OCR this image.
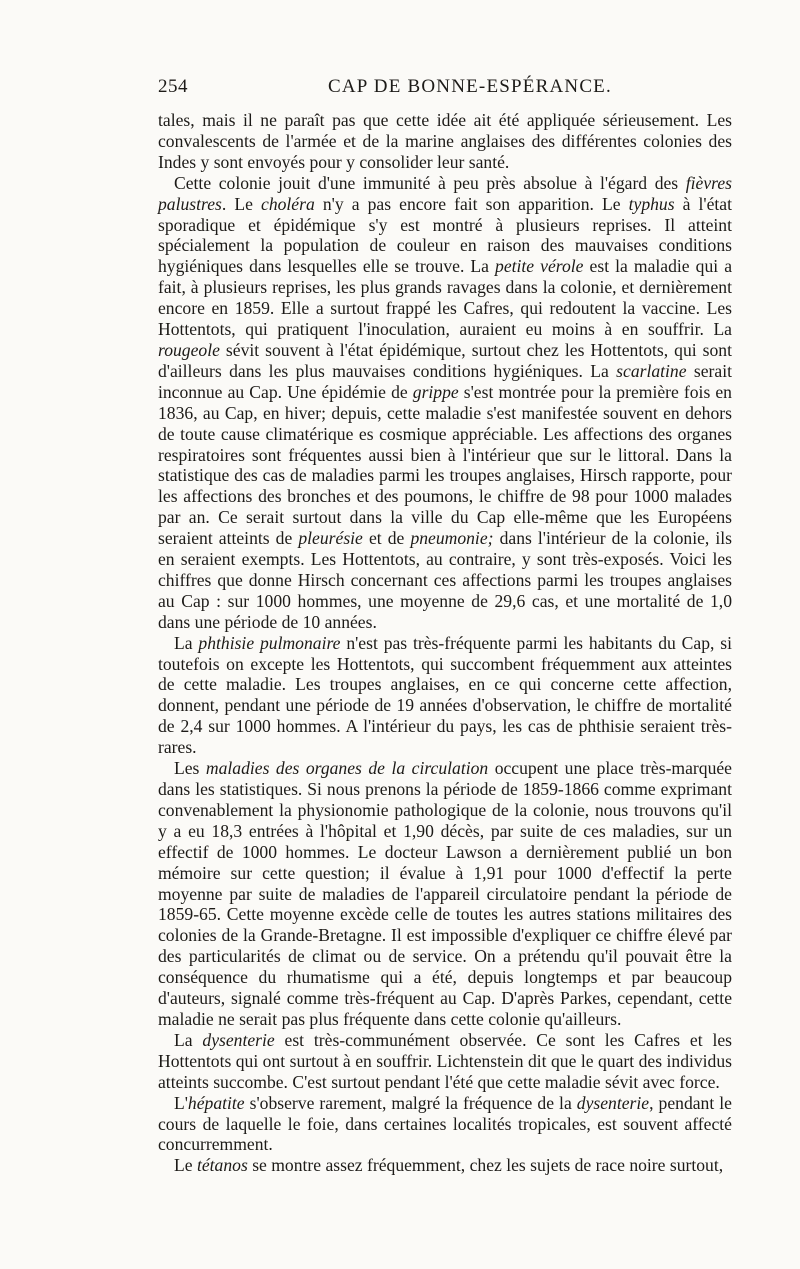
254	CAP DE BONNE-ESPÉRANCE.

tales, mais il ne paraît pas que cette idée ait été appliquée sérieusement. Les convalescents de l'armée et de la marine anglaises des différentes colonies des Indes y sont envoyés pour y consolider leur santé.

Cette colonie jouit d'une immunité à peu près absolue à l'égard des fièvres palustres. Le choléra n'y a pas encore fait son apparition. Le typhus à l'état sporadique et épidémique s'y est montré à plusieurs reprises. Il atteint spécialement la population de couleur en raison des mauvaises conditions hygiéniques dans lesquelles elle se trouve. La petite vérole est la maladie qui a fait, à plusieurs reprises, les plus grands ravages dans la colonie, et dernièrement encore en 1859. Elle a surtout frappé les Cafres, qui redoutent la vaccine. Les Hottentots, qui pratiquent l'inoculation, auraient eu moins à en souffrir. La rougeole sévit souvent à l'état épidémique, surtout chez les Hottentots, qui sont d'ailleurs dans les plus mauvaises conditions hygiéniques. La scarlatine serait inconnue au Cap. Une épidémie de grippe s'est montrée pour la première fois en 1836, au Cap, en hiver; depuis, cette maladie s'est manifestée souvent en dehors de toute cause climatérique es cosmique appréciable. Les affections des organes respiratoires sont fréquentes aussi bien à l'intérieur que sur le littoral. Dans la statistique des cas de maladies parmi les troupes anglaises, Hirsch rapporte, pour les affections des bronches et des poumons, le chiffre de 98 pour 1000 malades par an. Ce serait surtout dans la ville du Cap elle-même que les Européens seraient atteints de pleurésie et de pneumonie; dans l'intérieur de la colonie, ils en seraient exempts. Les Hottentots, au contraire, y sont très-exposés. Voici les chiffres que donne Hirsch concernant ces affections parmi les troupes anglaises au Cap : sur 1000 hommes, une moyenne de 29,6 cas, et une mortalité de 1,0 dans une période de 10 années.

La phthisie pulmonaire n'est pas très-fréquente parmi les habitants du Cap, si toutefois on excepte les Hottentots, qui succombent fréquemment aux atteintes de cette maladie. Les troupes anglaises, en ce qui concerne cette affection, donnent, pendant une période de 19 années d'observation, le chiffre de mortalité de 2,4 sur 1000 hommes. A l'intérieur du pays, les cas de phthisie seraient très-rares.

Les maladies des organes de la circulation occupent une place très-marquée dans les statistiques. Si nous prenons la période de 1859-1866 comme exprimant convenablement la physionomie pathologique de la colonie, nous trouvons qu'il y a eu 18,3 entrées à l'hôpital et 1,90 décès, par suite de ces maladies, sur un effectif de 1000 hommes. Le docteur Lawson a dernièrement publié un bon mémoire sur cette question; il évalue à 1,91 pour 1000 d'effectif la perte moyenne par suite de maladies de l'appareil circulatoire pendant la période de 1859-65. Cette moyenne excède celle de toutes les autres stations militaires des colonies de la Grande-Bretagne. Il est impossible d'expliquer ce chiffre élevé par des particularités de climat ou de service. On a prétendu qu'il pouvait être la conséquence du rhumatisme qui a été, depuis longtemps et par beaucoup d'auteurs, signalé comme très-fréquent au Cap. D'après Parkes, cependant, cette maladie ne serait pas plus fréquente dans cette colonie qu'ailleurs.

La dysenterie est très-communément observée. Ce sont les Cafres et les Hottentots qui ont surtout à en souffrir. Lichtenstein dit que le quart des individus atteints succombe. C'est surtout pendant l'été que cette maladie sévit avec force.

L'hépatite s'observe rarement, malgré la fréquence de la dysenterie, pendant le cours de laquelle le foie, dans certaines localités tropicales, est souvent affecté concurremment.

Le tétanos se montre assez fréquemment, chez les sujets de race noire surtout,
